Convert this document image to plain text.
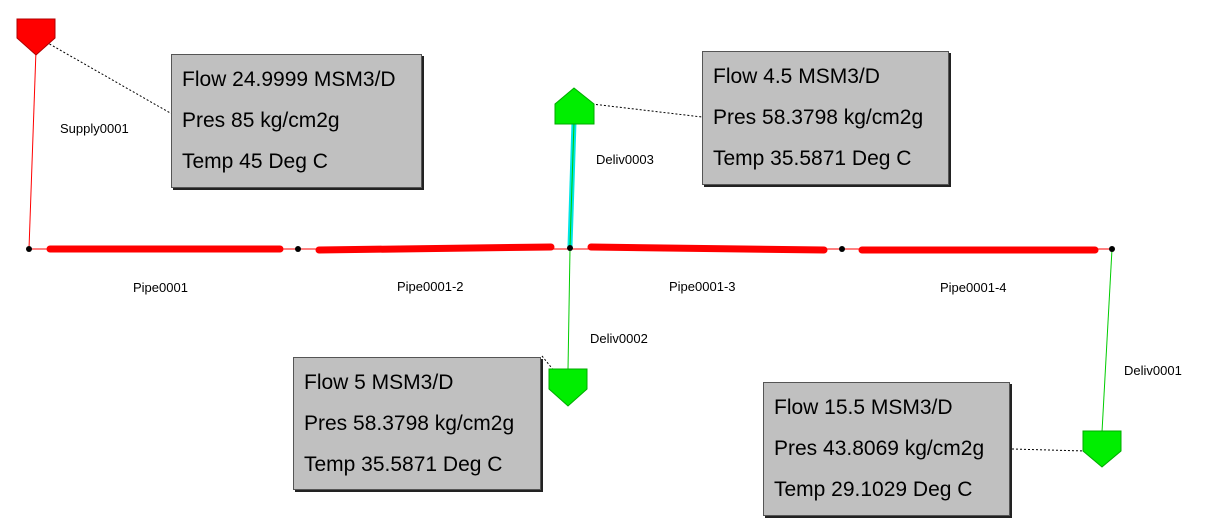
Supply0001
Deliv0003
Deliv0002
Deliv0001
Pipe0001	Pipe0001-2	Pipe0001-3	Pipe0001-4
Flow 24.9999 MSM3/D
Pres 85 kg/cm2g
Temp 45 Deg C
Flow 4.5 MSM3/D
Pres 58.3798 kg/cm2g
Temp 35.5871 Deg C
Flow 5 MSM3/D
Pres 58.3798 kg/cm2g
Temp 35.5871 Deg C
Flow 15.5 MSM3/D
Pres 43.8069 kg/cm2g
Temp 29.1029 Deg C
